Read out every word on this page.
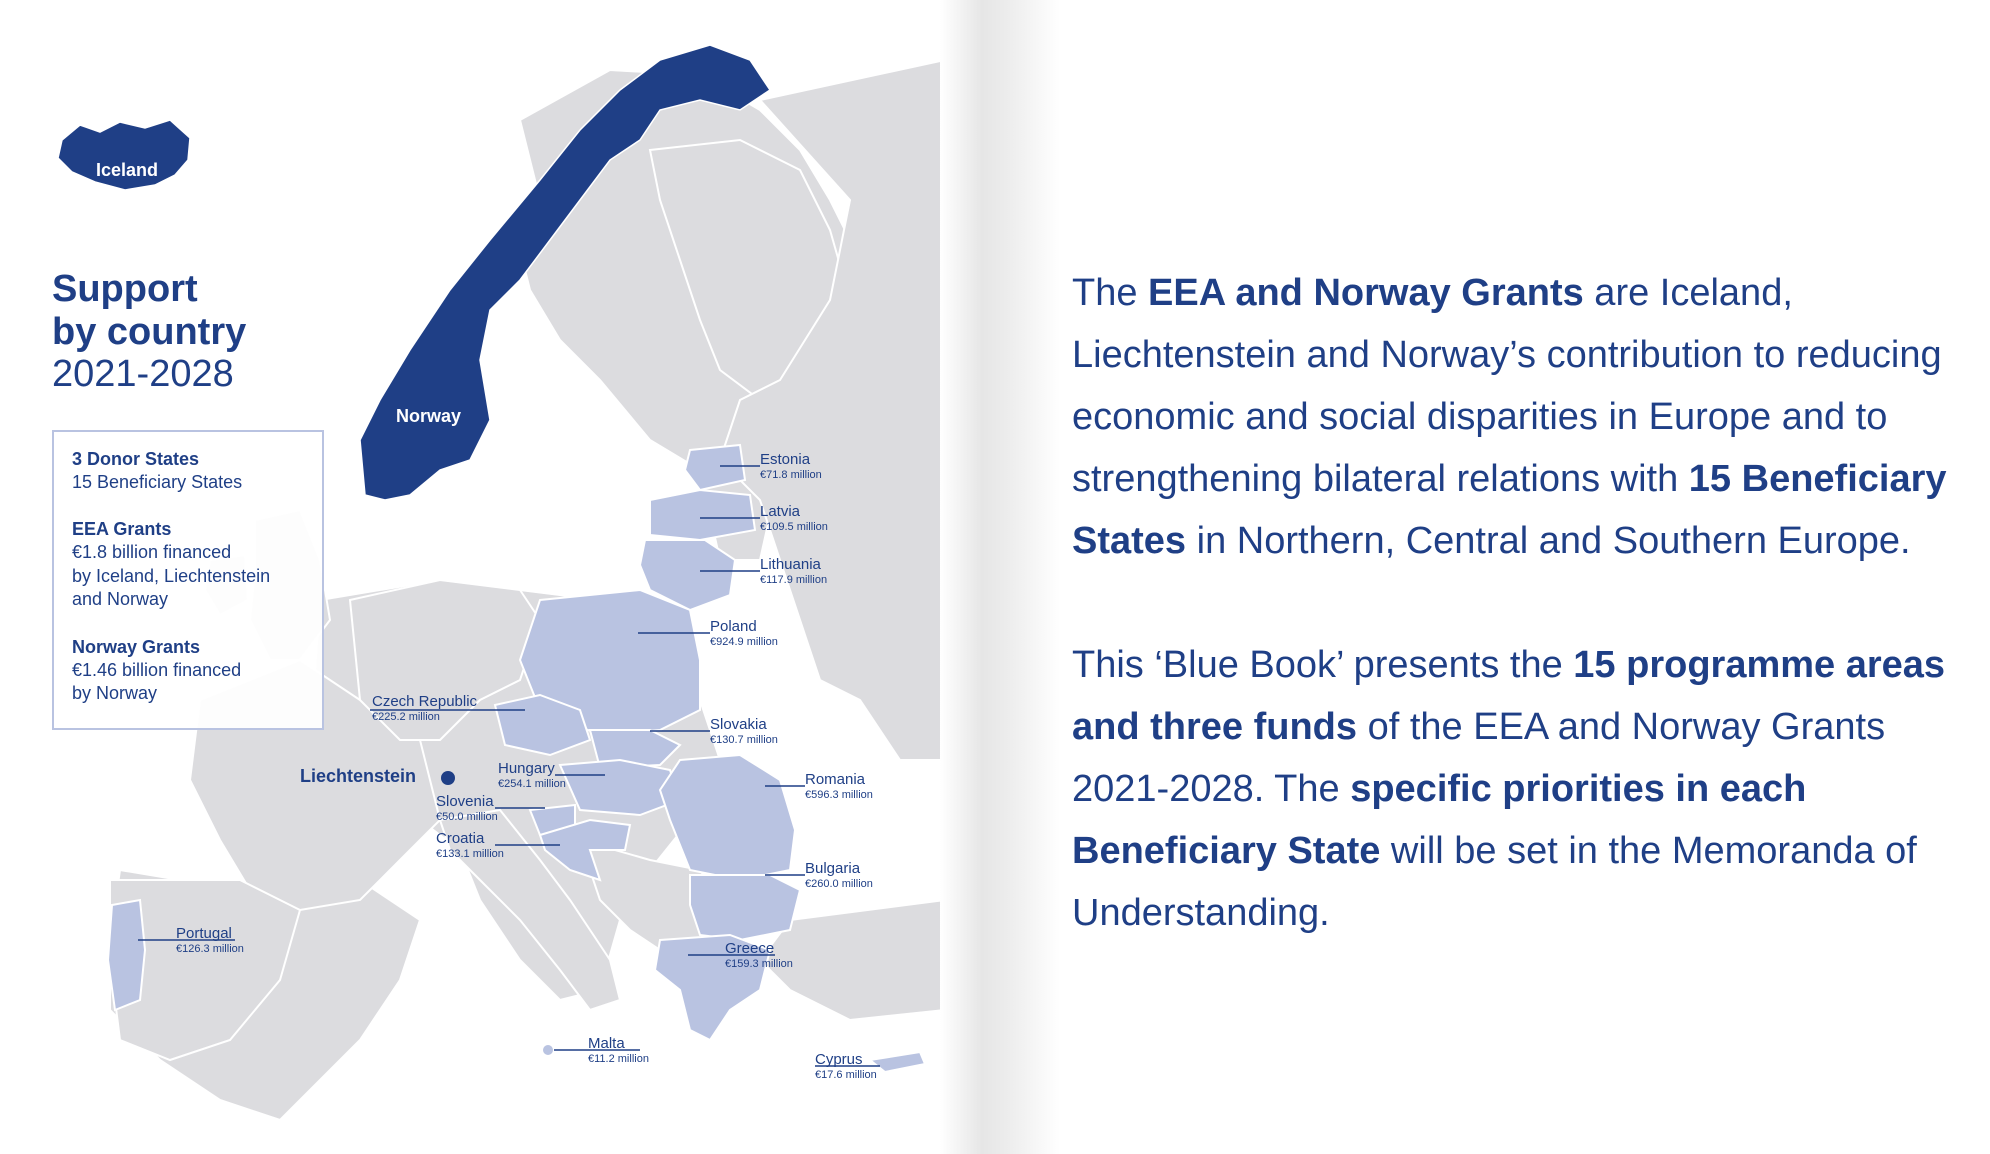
Iceland
Norway
Estonia
€71.8 million
Latvia
€109.5 million
Lithuania
€117.9 million
Poland
€924.9 million
Czech Republic
€225.2 million	Slovakia
€130.7 million
Hungary
€254.1 million
Slovenia
€50.0 million
Croatia
€133.1 million
Romania
€596.3 million
Bulgaria
€260.0 million
Portugal
€126.3 million	Greece
€159.3 million
Malta
€11.2 million	Cyprus
€17.6 million
Liechtenstein
Support
by country
2021-2028
3 Donor States
15 Beneficiary States
EEA Grants
€1.8 billion financed
by Iceland, Liechtenstein
and Norway
Norway Grants
€1.46 billion financed
by Norway

The EEA and Norway Grants are Iceland, Liechtenstein and Norway’s contribution to reducing economic and social disparities in Europe and to strengthening bilateral relations with 15 Beneficiary States in Northern, Central and Southern Europe.

This ‘Blue Book’ presents the 15 programme areas and three funds of the EEA and Norway Grants 2021-2028. The specific priorities in each Beneficiary State will be set in the Memoranda of Understanding.
